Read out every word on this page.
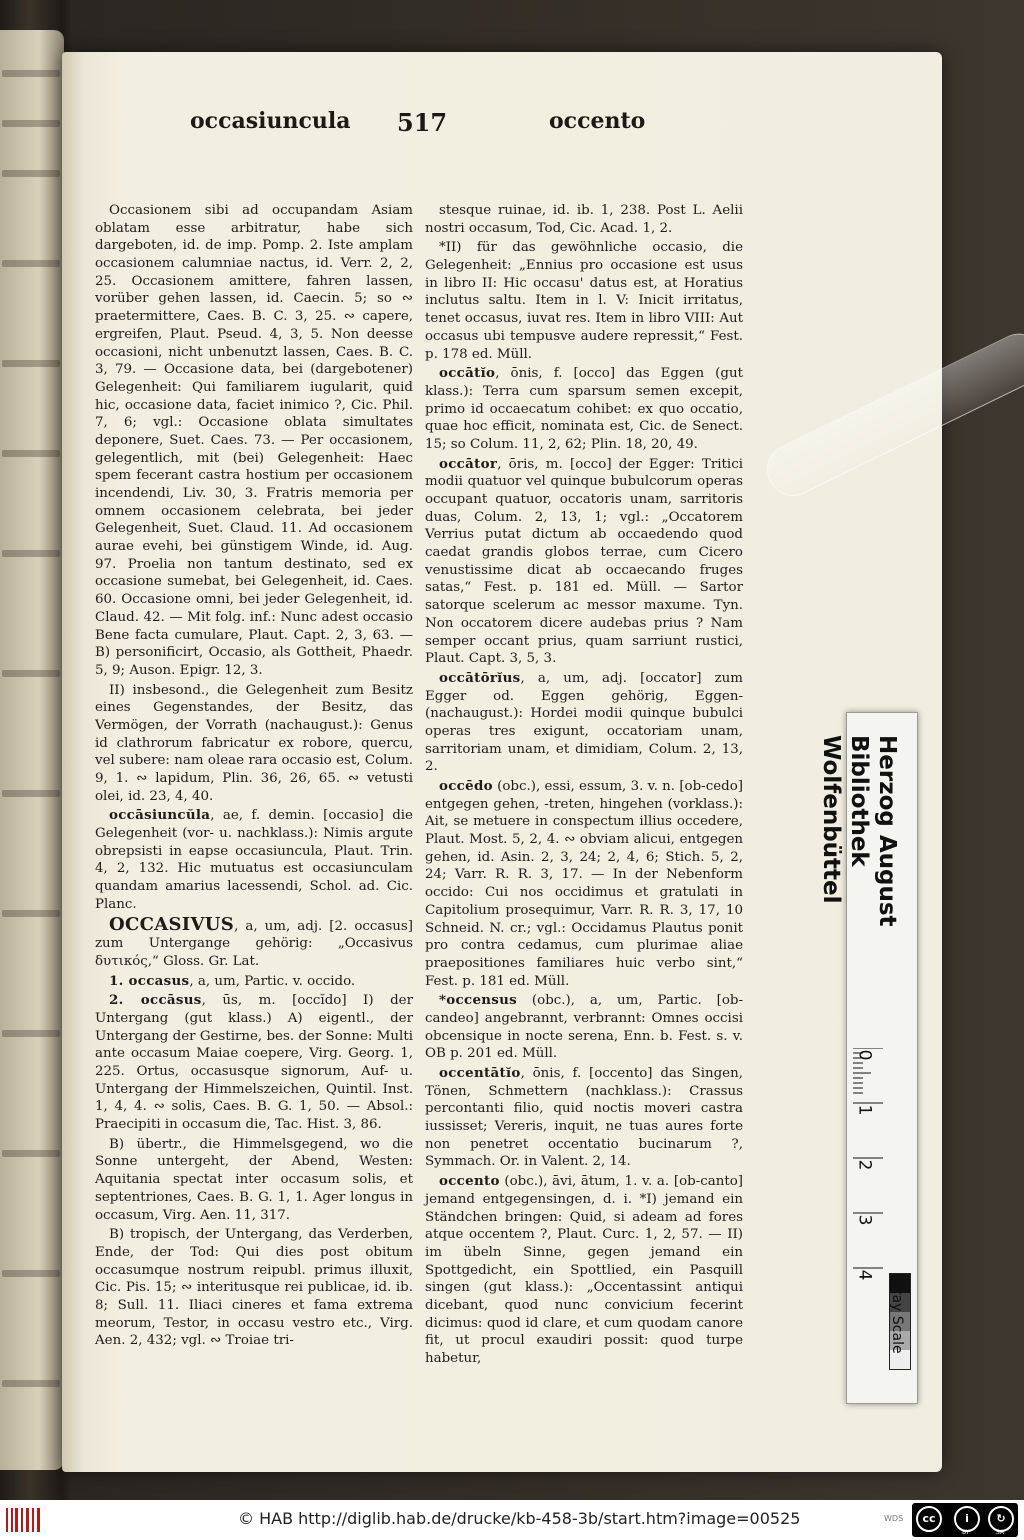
occasiuncula 517	occento

Occasionem sibi ad occupandam Asiam oblatam esse arbitratur, habe sich dargeboten, id. de imp. Pomp. 2. Iste amplam occasionem calumniae nactus, id. Verr. 2, 2, 25. Occasionem amittere, fahren lassen, vorüber gehen lassen, id. Caecin. 5; so ∾ praetermittere, Caes. B. C. 3, 25. ∾ capere, ergreifen, Plaut. Pseud. 4, 3, 5. Non deesse occasioni, nicht unbenutzt lassen, Caes. B. C. 3, 79. — Occasione data, bei (dargebotener) Gelegenheit: Qui familiarem iugularit, quid hic, occasione data, faciet inimico ?, Cic. Phil. 7, 6; vgl.: Occasione oblata simultates deponere, Suet. Caes. 73. — Per occasionem, gelegentlich, mit (bei) Gelegenheit: Haec spem fecerant castra hostium per occasionem incendendi, Liv. 30, 3. Fratris memoria per omnem occasionem celebrata, bei jeder Gelegenheit, Suet. Claud. 11. Ad occasionem aurae evehi, bei günstigem Winde, id. Aug. 97. Proelia non tantum destinato, sed ex occasione sumebat, bei Gelegenheit, id. Caes. 60. Occasione omni, bei jeder Gelegenheit, id. Claud. 42. — Mit folg. inf.: Nunc adest occasio Bene facta cumulare, Plaut. Capt. 2, 3, 63. — B) personificirt, Occasio, als Gottheit, Phaedr. 5, 9; Auson. Epigr. 12, 3.

II) insbesond., die Gelegenheit zum Besitz eines Gegenstandes, der Besitz, das Vermögen, der Vorrath (nachaugust.): Genus id clathrorum fabricatur ex robore, quercu, vel subere: nam oleae rara occasio est, Colum. 9, 1. ∾ lapidum, Plin. 36, 26, 65. ∾ vetusti olei, id. 23, 4, 40.

occāsiuncŭla, ae, f. demin. [occasio] die Gelegenheit (vor- u. nachklass.): Nimis argute obrepsisti in eapse occasiuncula, Plaut. Trin. 4, 2, 132. Hic mutuatus est occasiunculam quandam amarius lacessendi, Schol. ad. Cic. Planc.

OCCASIVUS, a, um, adj. [2. occasus] zum Untergange gehörig: „Occasivus δυτικός,“ Gloss. Gr. Lat.

1. occasus, a, um, Partic. v. occido.

2. occāsus, ūs, m. [occĭdo] I) der Untergang (gut klass.) A) eigentl., der Untergang der Gestirne, bes. der Sonne: Multi ante occasum Maiae coepere, Virg. Georg. 1, 225. Ortus, occasusque signorum, Auf- u. Untergang der Himmelszeichen, Quintil. Inst. 1, 4, 4. ∾ solis, Caes. B. G. 1, 50. — Absol.: Praecipiti in occasum die, Tac. Hist. 3, 86.

B) übertr., die Himmelsgegend, wo die Sonne untergeht, der Abend, Westen: Aquitania spectat inter occasum solis, et septentriones, Caes. B. G. 1, 1. Ager longus in occasum, Virg. Aen. 11, 317.

B) tropisch, der Untergang, das Verderben, Ende, der Tod: Qui dies post obitum occasumque nostrum reipubl. primus illuxit, Cic. Pis. 15; ∾ interitusque rei publicae, id. ib. 8; Sull. 11. Iliaci cineres et fama extrema meorum, Testor, in occasu vestro etc., Virg. Aen. 2, 432; vgl. ∾ Troiae tri-

stesque ruinae, id. ib. 1, 238. Post L. Aelii nostri occasum, Tod, Cic. Acad. 1, 2.

*II) für das gewöhnliche occasio, die Gelegenheit: „Ennius pro occasione est usus in libro II: Hic occasu' datus est, at Horatius inclutus saltu. Item in l. V: Inicit irritatus, tenet occasus, iuvat res. Item in libro VIII: Aut occasus ubi tempusve audere repressit,“ Fest. p. 178 ed. Müll.

occātĭo, ōnis, f. [occo] das Eggen (gut klass.): Terra cum sparsum semen excepit, primo id occaecatum cohibet: ex quo occatio, quae hoc efficit, nominata est, Cic. de Senect. 15; so Colum. 11, 2, 62; Plin. 18, 20, 49.

occātor, ōris, m. [occo] der Egger: Tritici modii quatuor vel quinque bubulcorum operas occupant quatuor, occatoris unam, sarritoris duas, Colum. 2, 13, 1; vgl.: „Occatorem Verrius putat dictum ab occaedendo quod caedat grandis globos terrae, cum Cicero venustissime dicat ab occaecando fruges satas,“ Fest. p. 181 ed. Müll. — Sartor satorque scelerum ac messor maxume. Tyn. Non occatorem dicere audebas prius ? Nam semper occant prius, quam sarriunt rustici, Plaut. Capt. 3, 5, 3.

occātōrĭus, a, um, adj. [occator] zum Egger od. Eggen gehörig, Eggen- (nachaugust.): Hordei modii quinque bubulci operas tres exigunt, occatoriam unam, sarritoriam unam, et dimidiam, Colum. 2, 13, 2.

occēdo (obc.), essi, essum, 3. v. n. [ob-cedo] entgegen gehen, -treten, hingehen (vorklass.): Ait, se metuere in conspectum illius occedere, Plaut. Most. 5, 2, 4. ∾ obviam alicui, entgegen gehen, id. Asin. 2, 3, 24; 2, 4, 6; Stich. 5, 2, 24; Varr. R. R. 3, 17. — In der Nebenform occido: Cui nos occidimus et gratulati in Capitolium prosequimur, Varr. R. R. 3, 17, 10 Schneid. N. cr.; vgl.: Occidamus Plautus ponit pro contra cedamus, cum plurimae aliae praepositiones familiares huic verbo sint,“ Fest. p. 181 ed. Müll.

*occensus (obc.), a, um, Partic. [ob-candeo] angebrannt, verbrannt: Omnes occisi obcensique in nocte serena, Enn. b. Fest. s. v. OB p. 201 ed. Müll.

occentātĭo, ōnis, f. [occento] das Singen, Tönen, Schmettern (nachklass.): Crassus percontanti filio, quid noctis moveri castra iussisset; Vereris, inquit, ne tuas aures forte non penetret occentatio bucinarum ?, Symmach. Or. in Valent. 2, 14.

occento (obc.), āvi, ātum, 1. v. a. [ob-canto] jemand entgegensingen, d. i. *I) jemand ein Ständchen bringen: Quid, si adeam ad fores atque occentem ?, Plaut. Curc. 1, 2, 57. — II) im übeln Sinne, gegen jemand ein Spottgedicht, ein Spottlied, ein Pasquill singen (gut klass.): „Occentassint antiqui dicebant, quod nunc convicium fecerint dicimus: quod id clare, et cum quodam canore fit, ut procul exaudiri possit: quod turpe habetur,

Herzog August Bibliothek
Wolfenbüttel
0
1
2
3
4
Gray Scale
© HAB http://diglib.hab.de/drucke/kb-458-3b/start.htm?image=00525	WDS	cc	i	↻
BY	SA
